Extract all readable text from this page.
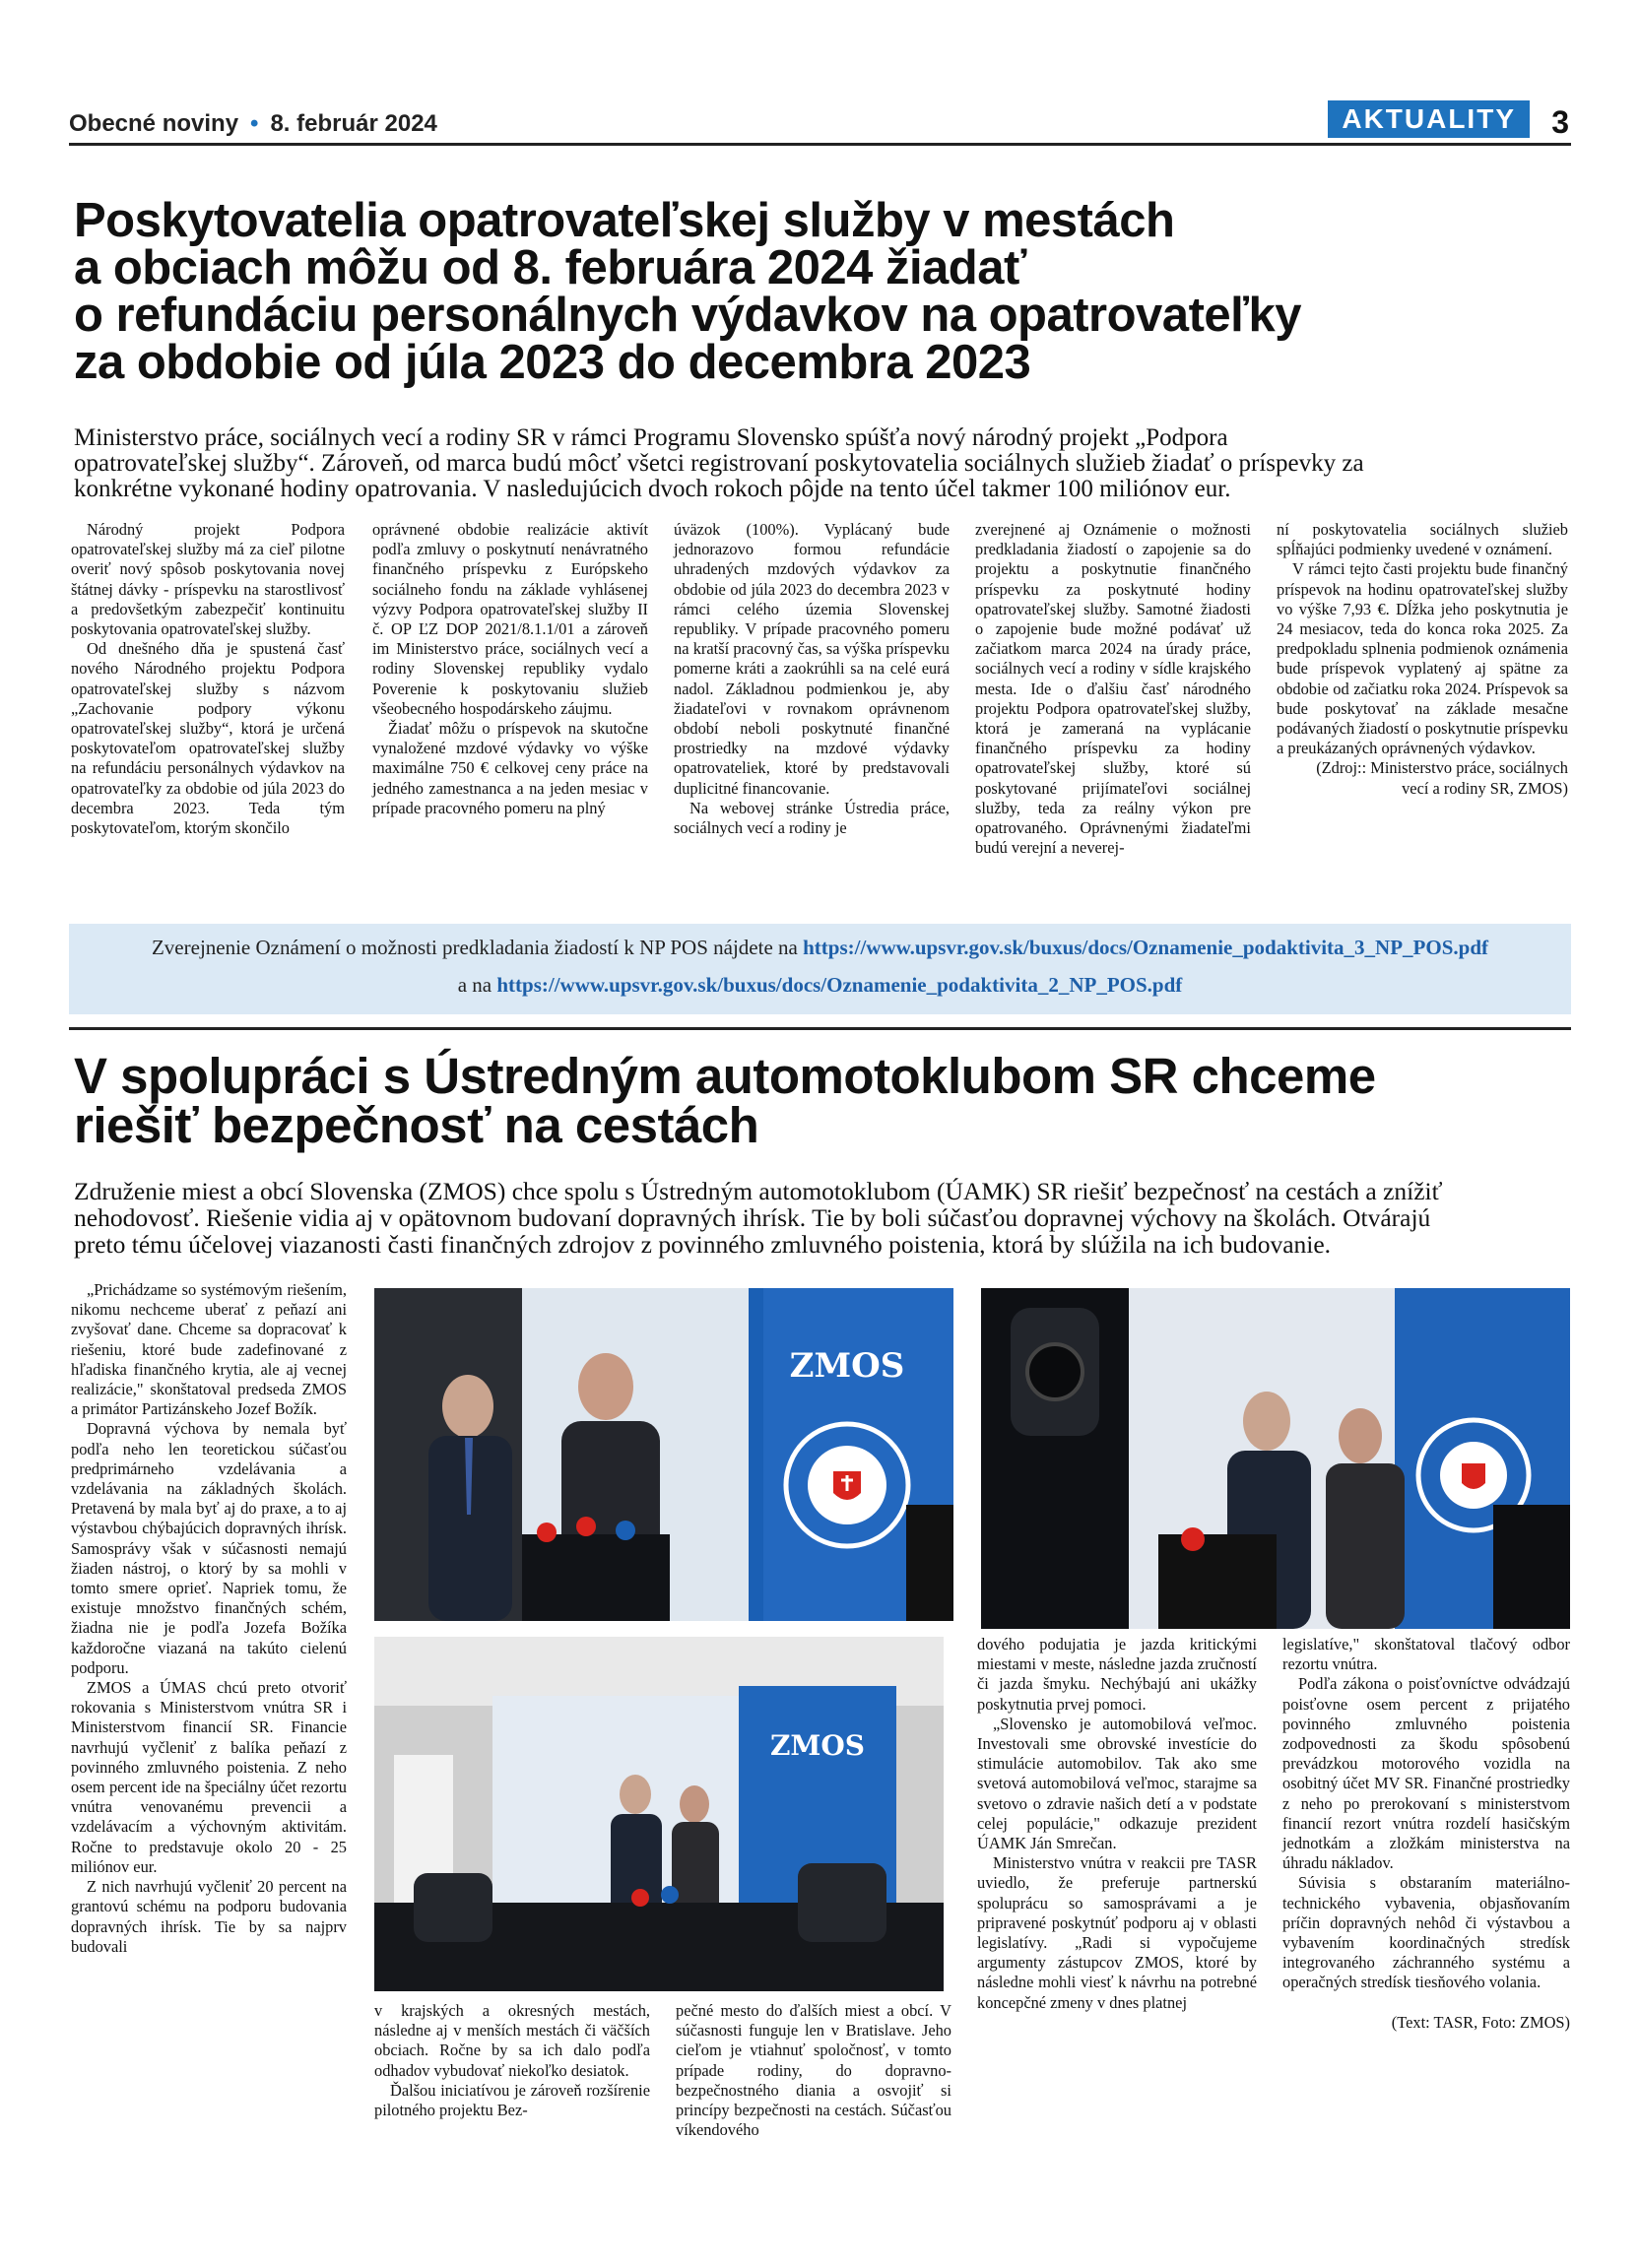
Obecné noviny • 8. február 2024	AKTUALITY	3
Poskytovatelia opatrovateľskej služby v mestách
a obciach môžu od 8. februára 2024 žiadať
o refundáciu personálnych výdavkov na opatrovateľky
za obdobie od júla 2023 do decembra 2023
Ministerstvo práce, sociálnych vecí a rodiny SR v rámci Programu Slovensko spúšťa nový národný projekt „Podpora
opatrovateľskej služby“. Zároveň, od marca budú môcť všetci registrovaní poskytovatelia sociálnych služieb žiadať o príspevky za
konkrétne vykonané hodiny opatrovania. V nasledujúcich dvoch rokoch pôjde na tento účel takmer 100 miliónov eur.

Národný projekt Podpora opatrovateľskej služby má za cieľ pilotne overiť nový spôsob poskytovania novej štátnej dávky - príspevku na starostlivosť a predovšetkým zabezpečiť kontinuitu poskytovania opatrovateľskej služby.

Od dnešného dňa je spustená časť nového Národného projektu Podpora opatrovateľskej služby s názvom „Zachovanie podpory výkonu opatrovateľskej služby“, ktorá je určená poskytovateľom opatrovateľskej služby na refundáciu personálnych výdavkov na opatrovateľky za obdobie od júla 2023 do decembra 2023. Teda tým poskytovateľom, ktorým skončilo

oprávnené obdobie realizácie aktivít podľa zmluvy o poskytnutí nenávratného finančného príspevku z Európskeho sociálneho fondu na základe vyhlásenej výzvy Podpora opatrovateľskej služby II č. OP ĽZ DOP 2021/8.1.1/01 a zároveň im Ministerstvo práce, sociálnych vecí a rodiny Slovenskej republiky vydalo Poverenie k poskytovaniu služieb všeobecného hospodárskeho záujmu.

Žiadať môžu o príspevok na skutočne vynaložené mzdové výdavky vo výške maximálne 750 € celkovej ceny práce na jedného zamestnanca a na jeden mesiac v prípade pracovného pomeru na plný

úväzok (100%). Vyplácaný bude jednorazovo formou refundácie uhradených mzdových výdavkov za obdobie od júla 2023 do decembra 2023 v rámci celého územia Slovenskej republiky. V prípade pracovného pomeru na kratší pracovný čas, sa výška príspevku pomerne kráti a zaokrúhli sa na celé eurá nadol. Základnou podmienkou je, aby žiadateľovi v rovnakom oprávnenom období neboli poskytnuté finančné prostriedky na mzdové výdavky opatrovateliek, ktoré by predstavovali duplicitné financovanie.

Na webovej stránke Ústredia práce, sociálnych vecí a rodiny je

zverejnené aj Oznámenie o možnosti predkladania žiadostí o zapojenie sa do projektu a poskytnutie finančného príspevku za poskytnuté hodiny opatrovateľskej služby. Samotné žiadosti o zapojenie bude možné podávať už začiatkom marca 2024 na úrady práce, sociálnych vecí a rodiny v sídle krajského mesta. Ide o ďalšiu časť národného projektu Podpora opatrovateľskej služby, ktorá je zameraná na vyplácanie finančného príspevku za hodiny opatrovateľskej služby, ktoré sú poskytované prijímateľovi sociálnej služby, teda za reálny výkon pre opatrovaného. Oprávnenými žiadateľmi budú verejní a neverej-

ní poskytovatelia sociálnych služieb spĺňajúci podmienky uvedené v oznámení.

V rámci tejto časti projektu bude finančný príspevok na hodinu opatrovateľskej služby vo výške 7,93 €. Dĺžka jeho poskytnutia je 24 mesiacov, teda do konca roka 2025. Za predpokladu splnenia podmienok oznámenia bude príspevok vyplatený aj spätne za obdobie od začiatku roka 2024. Príspevok sa bude poskytovať na základe mesačne podávaných žiadostí o poskytnutie príspevku a preukázaných oprávnených výdavkov.

(Zdroj:: Ministerstvo práce, sociálnych vecí a rodiny SR, ZMOS)

Zverejnenie Oznámení o možnosti predkladania žiadostí k NP POS nájdete na https://www.upsvr.gov.sk/buxus/docs/Oznamenie_podaktivita_3_NP_POS.pdf
a na https://www.upsvr.gov.sk/buxus/docs/Oznamenie_podaktivita_2_NP_POS.pdf
V spolupráci s Ústredným automotoklubom SR chceme
riešiť bezpečnosť na cestách
Združenie miest a obcí Slovenska (ZMOS) chce spolu s Ústredným automotoklubom (ÚAMK) SR riešiť bezpečnosť na cestách a znížiť
nehodovosť. Riešenie vidia aj v opätovnom budovaní dopravných ihrísk. Tie by boli súčasťou dopravnej výchovy na školách. Otvárajú
preto tému účelovej viazanosti časti finančných zdrojov z povinného zmluvného poistenia, ktorá by slúžila na ich budovanie.

„Prichádzame so systémovým riešením, nikomu nechceme uberať z peňazí ani zvyšovať dane. Chceme sa dopracovať k riešeniu, ktoré bude zadefinované z hľadiska finančného krytia, ale aj vecnej realizácie," skonštatoval predseda ZMOS a primátor Partizánskeho Jozef Božík.

Dopravná výchova by nemala byť podľa neho len teoretickou súčasťou predprimárneho vzdelávania a vzdelávania na základných školách. Pretavená by mala byť aj do praxe, a to aj výstavbou chýbajúcich dopravných ihrísk. Samosprávy však v súčasnosti nemajú žiaden nástroj, o ktorý by sa mohli v tomto smere oprieť. Napriek tomu, že existuje množstvo finančných schém, žiadna nie je podľa Jozefa Božíka každoročne viazaná na takúto cielenú podporu.

ZMOS a ÚMAS chcú preto otvoriť rokovania s Ministerstvom vnútra SR i Ministerstvom financií SR. Financie navrhujú vyčleniť z balíka peňazí z povinného zmluvného poistenia. Z neho osem percent ide na špeciálny účet rezortu vnútra venovanému prevencii a vzdelávacím a výchovným aktivitám. Ročne to predstavuje okolo 20 - 25 miliónov eur.

Z nich navrhujú vyčleniť 20 percent na grantovú schému na podporu budovania dopravných ihrísk. Tie by sa najprv budovali

ZMOS
ZMOS

v krajských a okresných mestách, následne aj v menších mestách či väčších obciach. Ročne by sa ich dalo podľa odhadov vybudovať niekoľko desiatok.

Ďalšou iniciatívou je zároveň rozšírenie pilotného projektu Bez-

pečné mesto do ďalších miest a obcí. V súčasnosti funguje len v Bratislave. Jeho cieľom je vtiahnuť spoločnosť, v tomto prípade rodiny, do dopravno-bezpečnostného diania a osvojiť si princípy bezpečnosti na cestách. Súčasťou víkendového

dového podujatia je jazda kritickými miestami v meste, následne jazda zručností či jazda šmyku. Nechýbajú ani ukážky poskytnutia prvej pomoci.

„Slovensko je automobilová veľmoc. Investovali sme obrovské investície do stimulácie automobilov. Tak ako sme svetová automobilová veľmoc, starajme sa svetovo o zdravie našich detí a v podstate celej populácie," odkazuje prezident ÚAMK Ján Smrečan.

Ministerstvo vnútra v reakcii pre TASR uviedlo, že preferuje partnerskú spoluprácu so samosprávami a je pripravené poskytnúť podporu aj v oblasti legislatívy. „Radi si vypočujeme argumenty zástupcov ZMOS, ktoré by následne mohli viesť k návrhu na potrebné koncepčné zmeny v dnes platnej

legislatíve," skonštatoval tlačový odbor rezortu vnútra.

Podľa zákona o poisťovníctve odvádzajú poisťovne osem percent z prijatého povinného zmluvného poistenia zodpovednosti za škodu spôsobenú prevádzkou motorového vozidla na osobitný účet MV SR. Finančné prostriedky z neho po prerokovaní s ministerstvom financií rezort vnútra rozdelí hasičským jednotkám a zložkám ministerstva na úhradu nákladov.

Súvisia s obstaraním materiálno-technického vybavenia, objasňovaním príčin dopravných nehôd či výstavbou a vybavením koordinačných stredísk integrovaného záchranného systému a operačných stredísk tiesňového volania.

(Text: TASR, Foto: ZMOS)
